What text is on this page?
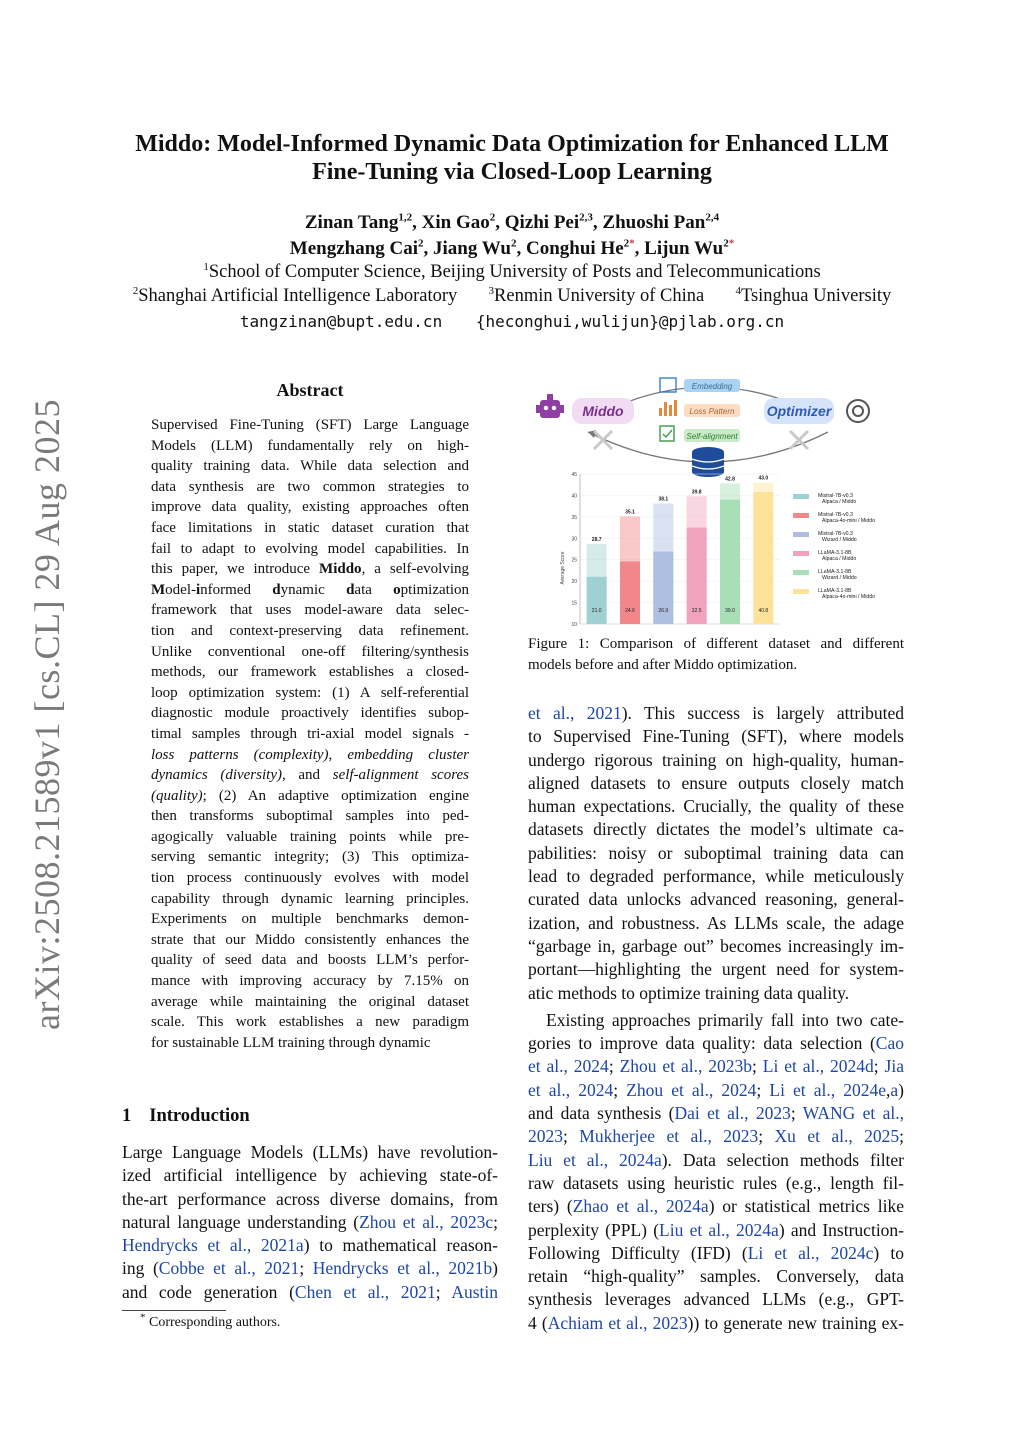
arXiv:2508.21589v1 [cs.CL] 29 Aug 2025
Middo: Model-Informed Dynamic Data Optimization for Enhanced LLM
Fine-Tuning via Closed-Loop Learning
Zinan Tang$^{1,2}$, Xin Gao$^2$, Qizhi Pei$^{2,3}$, Zhuoshi Pan$^{2,4}$
Mengzhang Cai$^2$, Jiang Wu$^2$, Conghui $He^{2*}$, Lijun $Wu^{2*}$
$^1$School of Computer Science, Beijing University of Posts and Telecommunications
$^2$Shanghai Artificial Intelligence Laboratory	$^3$Renmin University of China	$^4$Tsinghua University
tangzinan@bupt.edu.cn {heconghui,wulijun}@pjlab.org.cn
Abstract
Supervised Fine-Tuning (SFT) Large Language
Models (LLM) fundamentally rely on high-
quality training data. While data selection and
data synthesis are two common strategies to
improve data quality, existing approaches often
face limitations in static dataset curation that
fail to adapt to evolving model capabilities. In
this paper, we introduce Middo, a self-evolving
Model-informed dynamic data optimization
framework that uses model-aware data selec-
tion and context-preserving data refinement.
Unlike conventional one-off filtering/synthesis
methods, our framework establishes a closed-
loop optimization system: (1) A self-referential
diagnostic module proactively identifies subop-
timal samples through tri-axial model signals -
loss patterns (complexity), embedding cluster
dynamics (diversity), and self-alignment scores
(quality); (2) An adaptive optimization engine
then transforms suboptimal samples into ped-
agogically valuable training points while pre-
serving semantic integrity; (3) This optimiza-
tion process continuously evolves with model
capability through dynamic learning principles.
Experiments on multiple benchmarks demon-
strate that our Middo consistently enhances the
quality of seed data and boosts LLM’s perfor-
mance with improving accuracy by 7.15% on
average while maintaining the original dataset
scale. This work establishes a new paradigm
for sustainable LLM training through dynamic
1 Introduction
Large Language Models (LLMs) have revolution-
ized artificial intelligence by achieving state-of-
the-art performance across diverse domains, from
natural language understanding (Zhou et al., 2023c;
Hendrycks et al., 2021a) to mathematical reason-
ing (Cobbe et al., 2021; Hendrycks et al., 2021b)
and code generation (Chen et al., 2021; Austin
* Corresponding authors.
Middo
Embedding
Loss Pattern
Self-alignment
Optimizer
Average Score
10
15
20
25
30
35
40
45
28.7
21.0
35.1
24.6
38.1
26.9
39.8
32.5
42.8
39.0
43.0
40.8
Mistral-7B-v0.3
Alpaca / Middo
Mistral-7B-v0.3
Alpaca-4o-mini / Middo
Mistral-7B-v0.3
Wizard / Middo
LLaMA-3.1-8B
Alpaca / Middo
LLaMA-3.1-8B
Wizard / Middo
LLaMA-3.1-8B
Alpaca-4o-mini / Middo
Figure 1: Comparison of different dataset and different
models before and after Middo optimization.
et al., 2021). This success is largely attributed
to Supervised Fine-Tuning (SFT), where models
undergo rigorous training on high-quality, human-
aligned datasets to ensure outputs closely match
human expectations. Crucially, the quality of these
datasets directly dictates the model’s ultimate ca-
pabilities: noisy or suboptimal training data can
lead to degraded performance, while meticulously
curated data unlocks advanced reasoning, general-
ization, and robustness. As LLMs scale, the adage
“garbage in, garbage out” becomes increasingly im-
portant—highlighting the urgent need for system-
atic methods to optimize training data quality.
Existing approaches primarily fall into two cate-
gories to improve data quality: data selection (Cao
et al., 2024; Zhou et al., 2023b; Li et al., 2024d; Jia
et al., 2024; Zhou et al., 2024; Li et al., 2024e,a)
and data synthesis (Dai et al., 2023; WANG et al.,
2023; Mukherjee et al., 2023; Xu et al., 2025;
Liu et al., 2024a). Data selection methods filter
raw datasets using heuristic rules (e.g., length fil-
ters) (Zhao et al., 2024a) or statistical metrics like
perplexity (PPL) (Liu et al., 2024a) and Instruction-
Following Difficulty (IFD) (Li et al., 2024c) to
retain “high-quality” samples. Conversely, data
synthesis leverages advanced LLMs (e.g., GPT-
4 (Achiam et al., 2023)) to generate new training ex-
